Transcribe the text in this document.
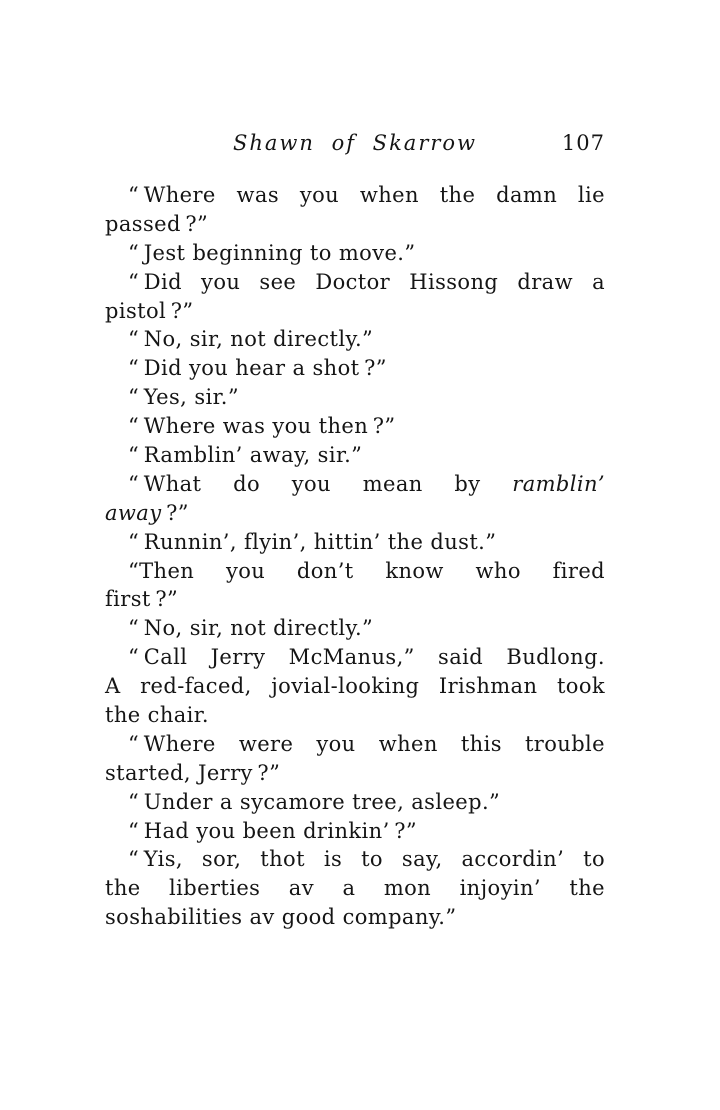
Shawn of Skarrow	107
“ Where was you when the damn lie
passed ?”
“ Jest beginning to move.”
“ Did you see Doctor Hissong draw a
pistol ?”
“ No, sir, not directly.”
“ Did you hear a shot ?”
“ Yes, sir.”
“ Where was you then ?”
“ Ramblin’ away, sir.”
“ What do you mean by ramblin’
away ?”
“ Runnin’, flyin’, hittin’ the dust.”
“Then you don’t know who fired
first ?”
“ No, sir, not directly.”
“ Call Jerry McManus,” said Budlong.
A red-faced, jovial-looking Irishman took
the chair.
“ Where were you when this trouble
started, Jerry ?”
“ Under a sycamore tree, asleep.”
“ Had you been drinkin’ ?”
“ Yis, sor, thot is to say, accordin’ to
the liberties av a mon injoyin’ the
soshabilities av good company.”
